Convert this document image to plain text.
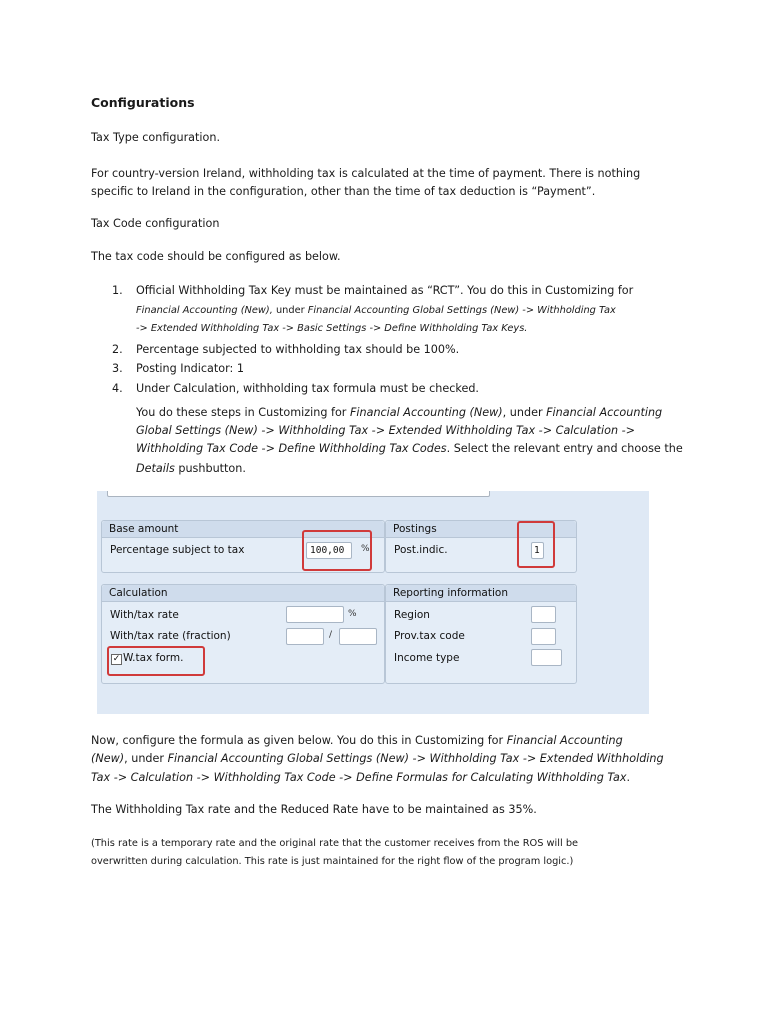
Configurations
Tax Type configuration.
For country-version Ireland, withholding tax is calculated at the time of payment. There is nothing
specific to Ireland in the configuration, other than the time of tax deduction is “Payment”.
Tax Code configuration
The tax code should be configured as below.
1. Official Withholding Tax Key must be maintained as “RCT”. You do this in Customizing for
Financial Accounting (New), under Financial Accounting Global Settings (New) -> Withholding Tax
-> Extended Withholding Tax -> Basic Settings -> Define Withholding Tax Keys.
2. Percentage subjected to withholding tax should be 100%.
3. Posting Indicator: 1
4. Under Calculation, withholding tax formula must be checked.
You do these steps in Customizing for Financial Accounting (New), under Financial Accounting
Global Settings (New) -> Withholding Tax -> Extended Withholding Tax -> Calculation ->
Withholding Tax Code -> Define Withholding Tax Codes. Select the relevant entry and choose the
Details pushbutton.
Base amount
Percentage subject to tax	100,00	%
Postings
Post.indic.	1
Calculation
With/tax rate	%
With/tax rate (fraction)	/
✓ W.tax form.
Reporting information
Region
Prov.tax code
Income type
Now, configure the formula as given below. You do this in Customizing for Financial Accounting
(New), under Financial Accounting Global Settings (New) -> Withholding Tax -> Extended Withholding
Tax -> Calculation -> Withholding Tax Code -> Define Formulas for Calculating Withholding Tax.
The Withholding Tax rate and the Reduced Rate have to be maintained as 35%.
(This rate is a temporary rate and the original rate that the customer receives from the ROS will be
overwritten during calculation. This rate is just maintained for the right flow of the program logic.)
